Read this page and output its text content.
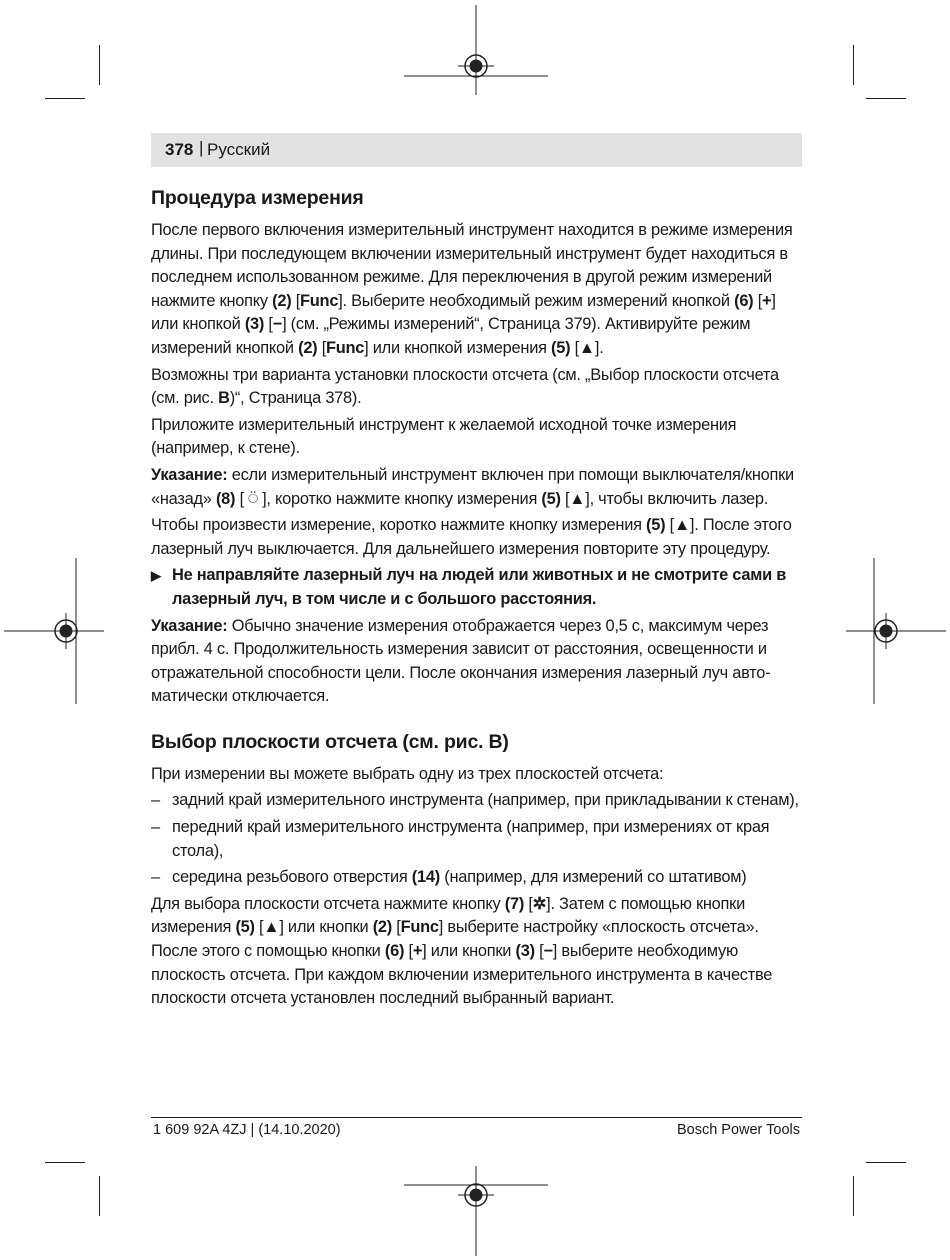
378 | Русский
Процедура измерения

После первого включения измерительный инструмент находится в режиме измерения длины. При последующем включении измерительный инструмент будет находиться в последнем использованном режиме. Для переключения в другой режим измерений нажмите кнопку (2) [Func]. Выберите необходимый режим измерений кнопкой (6) [+] или кнопкой (3) [−] (см. „Режимы измерений“, Страница 379). Активируйте режим измерений кнопкой (2) [Func] или кнопкой измерения (5) [▲].

Возможны три варианта установки плоскости отсчета (см. „Выбор плоскости отсчета (см. рис. B)“, Страница 378).

Приложите измерительный инструмент к желаемой исходной точке измерения (например, к стене).

Указание: если измерительный инструмент включен при помощи выключателя/кнопки «назад» (8) [ ⍥ ], коротко нажмите кнопку измерения (5) [▲], чтобы включить лазер.

Чтобы произвести измерение, коротко нажмите кнопку измерения (5) [▲]. После этого лазерный луч выключается. Для дальнейшего измерения повторите эту процедуру.

▶ Не направляйте лазерный луч на людей или животных и не смотрите сами в лазерный луч, в том числе и с большого расстояния.

Указание: Обычно значение измерения отображается через 0,5 с, максимум через прибл. 4 с. Продолжительность измерения зависит от расстояния, освещенности и отражательной способности цели. После окончания измерения лазерный луч автоматически отключается.

Выбор плоскости отсчета (см. рис. B)

При измерении вы можете выбрать одну из трех плоскостей отсчета:

– задний край измерительного инструмента (например, при прикладывании к стенам),
– передний край измерительного инструмента (например, при измерениях от края стола),
– середина резьбового отверстия (14) (например, для измерений со штативом)

Для выбора плоскости отсчета нажмите кнопку (7) [✲]. Затем с помощью кнопки измерения (5) [▲] или кнопки (2) [Func] выберите настройку «плоскость отсчета». После этого с помощью кнопки (6) [+] или кнопки (3) [−] выберите необходимую плоскость отсчета. При каждом включении измерительного инструмента в качестве плоскости отсчета установлен последний выбранный вариант.

1 609 92A 4ZJ | (14.10.2020)	Bosch Power Tools
